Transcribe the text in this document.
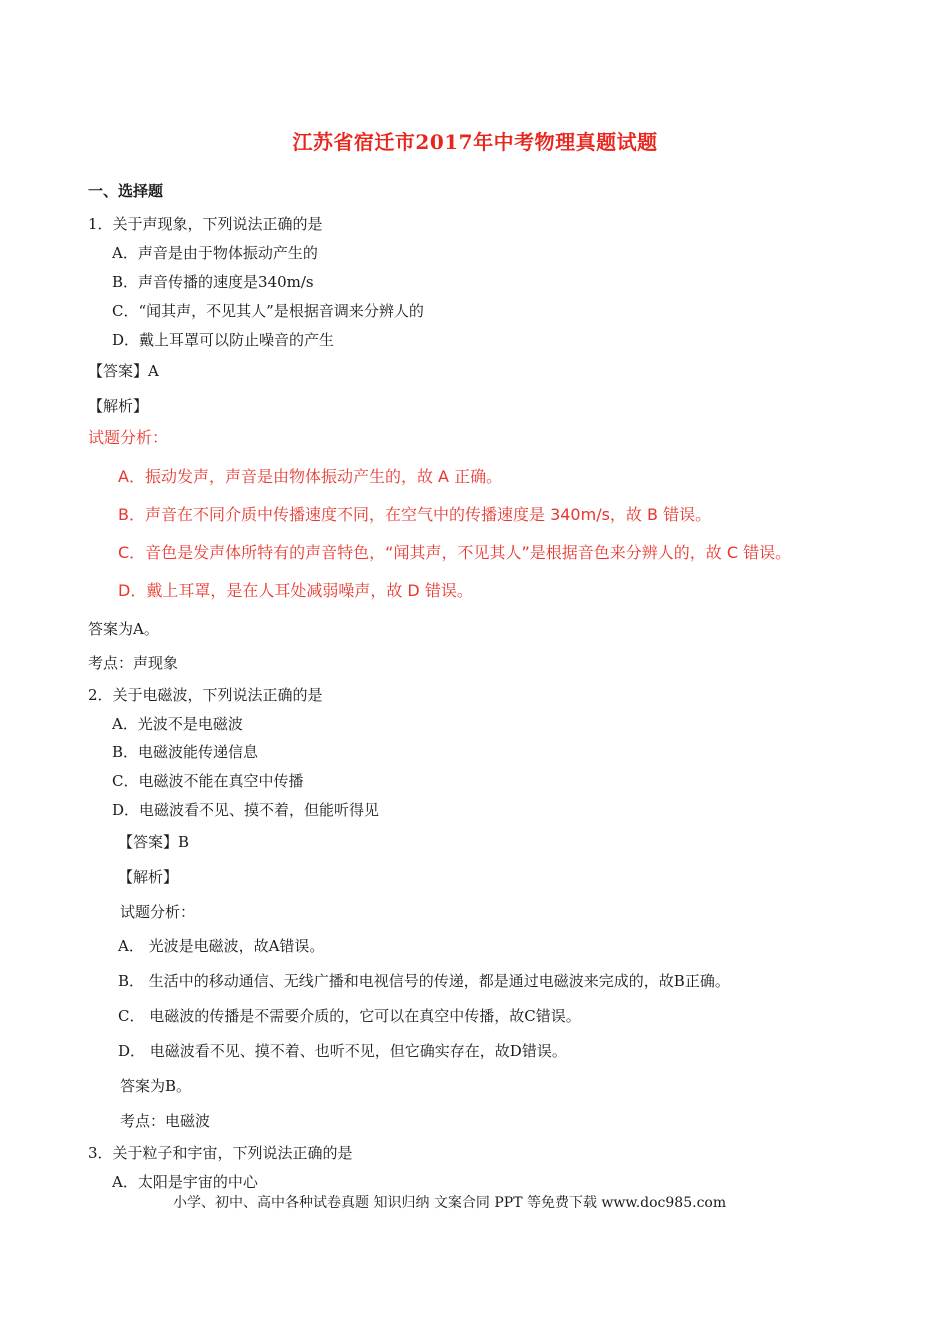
江苏省宿迁市2017年中考物理真题试题
一、选择题
1．关于声现象，下列说法正确的是
A．声音是由于物体振动产生的
B．声音传播的速度是340m/s
C．“闻其声，不见其人”是根据音调来分辨人的
D．戴上耳罩可以防止噪音的产生
【答案】A
【解析】
试题分析：
A．振动发声，声音是由物体振动产生的，故 A 正确。
B．声音在不同介质中传播速度不同，在空气中的传播速度是 340m/s，故 B 错误。
C．音色是发声体所特有的声音特色，“闻其声，不见其人”是根据音色来分辨人的，故 C 错误。
D．戴上耳罩，是在人耳处减弱噪声，故 D 错误。
答案为A。
考点：声现象
2．关于电磁波，下列说法正确的是
A．光波不是电磁波
B．电磁波能传递信息
C．电磁波不能在真空中传播
D．电磁波看不见、摸不着，但能听得见
【答案】B
【解析】
试题分析：
A． 光波是电磁波，故A错误。
B． 生活中的移动通信、无线广播和电视信号的传递，都是通过电磁波来完成的，故B正确。
C． 电磁波的传播是不需要介质的，它可以在真空中传播，故C错误。
D． 电磁波看不见、摸不着、也听不见，但它确实存在，故D错误。
答案为B。
考点：电磁波
3．关于粒子和宇宙，下列说法正确的是
A．太阳是宇宙的中心
小学、初中、高中各种试卷真题 知识归纳 文案合同 PPT 等免费下载 www.doc985.com
